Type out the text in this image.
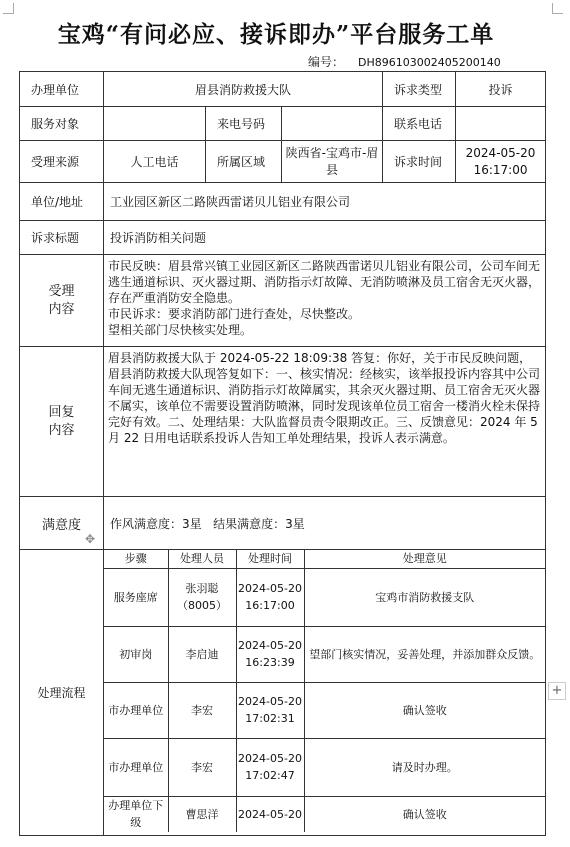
宝鸡“有问必应、接诉即办”平台服务工单
编号： DH896103002405200140
办理单位	眉县消防救援大队	诉求类型	投诉
服务对象		来电号码		联系电话	
受理来源	人工电话	所属区域	陕西省-宝鸡市-眉县	诉求时间	2024-05-20 16:17:00
单位/地址	工业园区新区二路陕西雷诺贝儿铝业有限公司
诉求标题	投诉消防相关问题
受理
内容	

市民反映：眉县常兴镇工业园区新区二路陕西雷诺贝儿铝业有限公司，公司车间无逃生通道标识、灭火器过期、消防指示灯故障、无消防喷淋及员工宿舍无灭火器，存在严重消防安全隐患。

市民诉求：要求消防部门进行查处，尽快整改。

望相关部门尽快核实处理。

回复
内容	眉县消防救援大队于 2024-05-22 18:09:38 答复：你好，关于市民反映问题，眉县消防救援大队现答复如下：一、核实情况：经核实，该举报投诉内容其中公司车间无逃生通道标识、消防指示灯故障属实，其余灭火器过期、员工宿舍无灭火器不属实，该单位不需要设置消防喷淋，同时发现该单位员工宿舍一楼消火栓未保持完好有效。二、处理结果：大队监督员责令限期改正。三、反馈意见：2024 年 5 月 22 日用电话联系投诉人告知工单处理结果，投诉人表示满意。
满意度	作风满意度：3星   结果满意度：3星
处理流程	
步骤	处理人员	处理时间	处理意见
服务座席	张羽聪（8005）	2024-05-20 16:17:00	宝鸡市消防救援支队
初审岗	李启迪	2024-05-20 16:23:39	望部门核实情况，妥善处理，并添加群众反馈。
市办理单位	李宏	2024-05-20 17:02:31	确认签收
市办理单位	李宏	2024-05-20 17:02:47	请及时办理。
办理单位下级	曹思洋	2024-05-20	确认签收
✥
+
